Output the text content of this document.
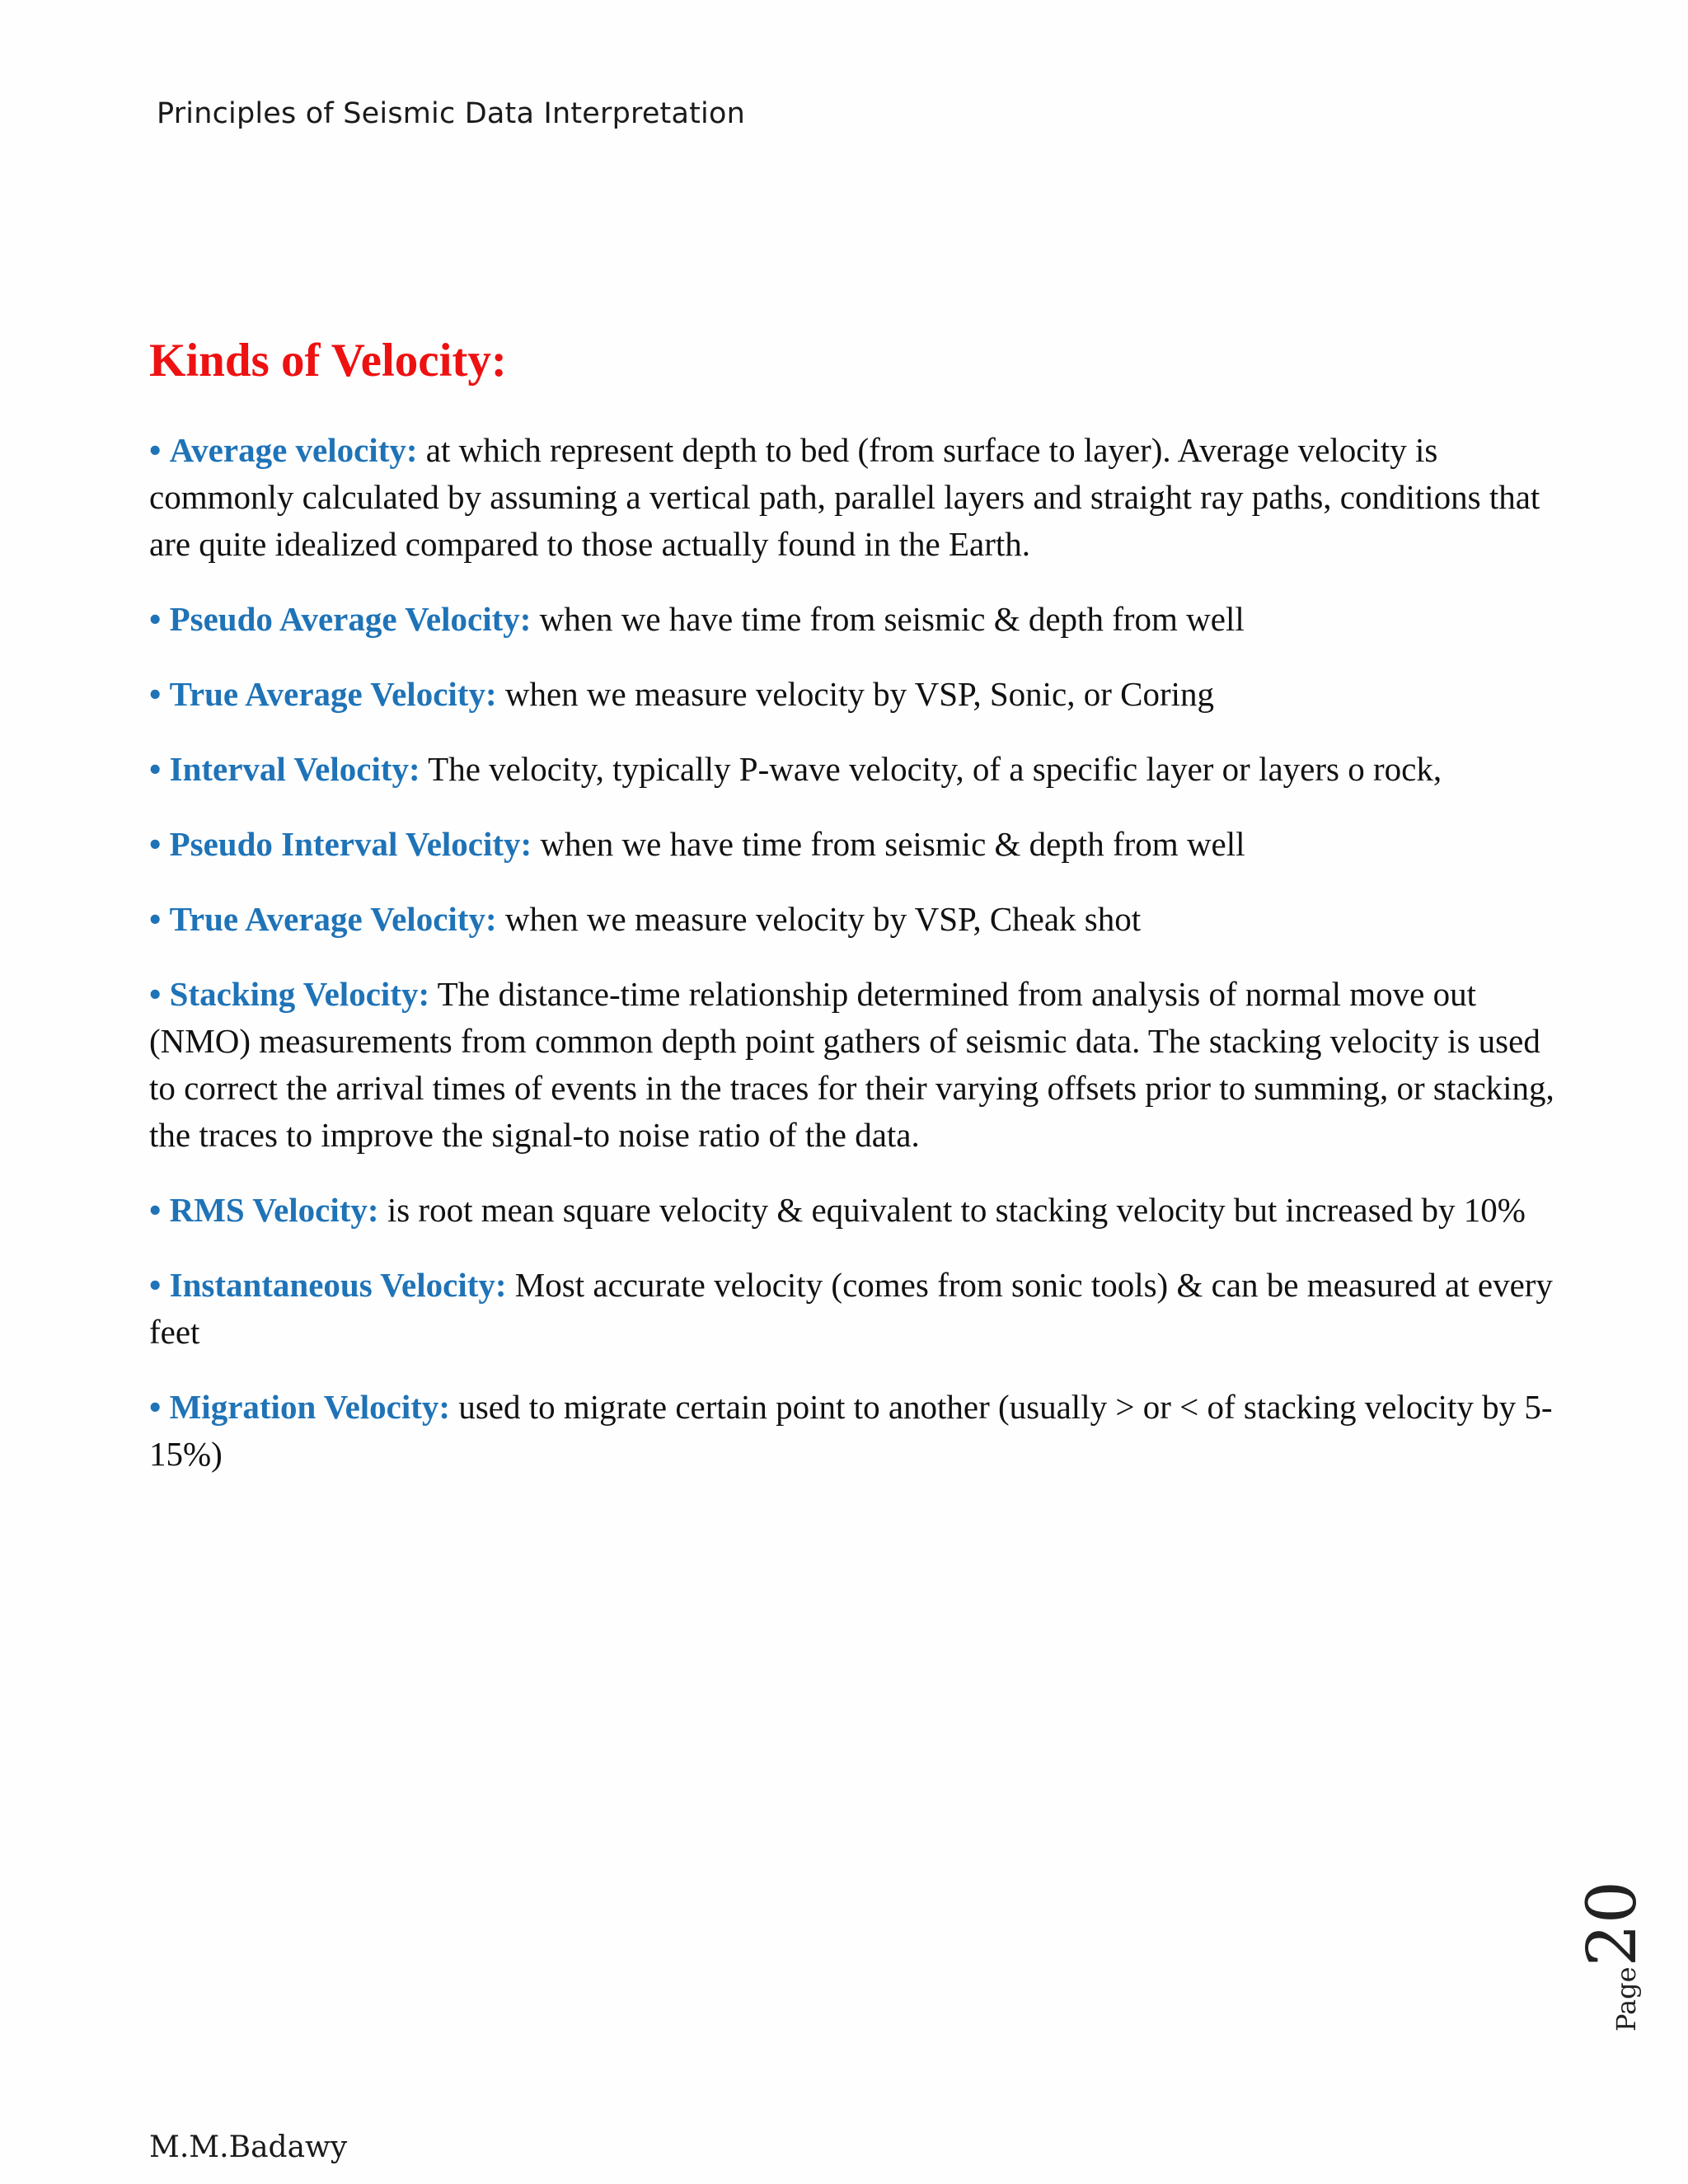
Principles of Seismic Data Interpretation
Kinds of Velocity:

• Average velocity: at which represent depth to bed (from surface to layer). Average velocity is commonly calculated by assuming a vertical path, parallel layers and straight ray paths, conditions that are quite idealized compared to those actually found in the Earth.

• Pseudo Average Velocity: when we have time from seismic & depth from well

• True Average Velocity: when we measure velocity by VSP, Sonic, or Coring

• Interval Velocity: The velocity, typically P-wave velocity, of a specific layer or layers o rock,

• Pseudo Interval Velocity: when we have time from seismic & depth from well

• True Average Velocity: when we measure velocity by VSP, Cheak shot

• Stacking Velocity: The distance-time relationship determined from analysis of normal move out (NMO) measurements from common depth point gathers of seismic data. The stacking velocity is used to correct the arrival times of events in the traces for their varying offsets prior to summing, or stacking, the traces to improve the signal-to noise ratio of the data.

• RMS Velocity: is root mean square velocity & equivalent to stacking velocity but increased by 10%

• Instantaneous Velocity: Most accurate velocity (comes from sonic tools) & can be measured at every feet

• Migration Velocity: used to migrate certain point to another (usually > or < of stacking velocity by 5-15%)

Page20
M.M.Badawy
